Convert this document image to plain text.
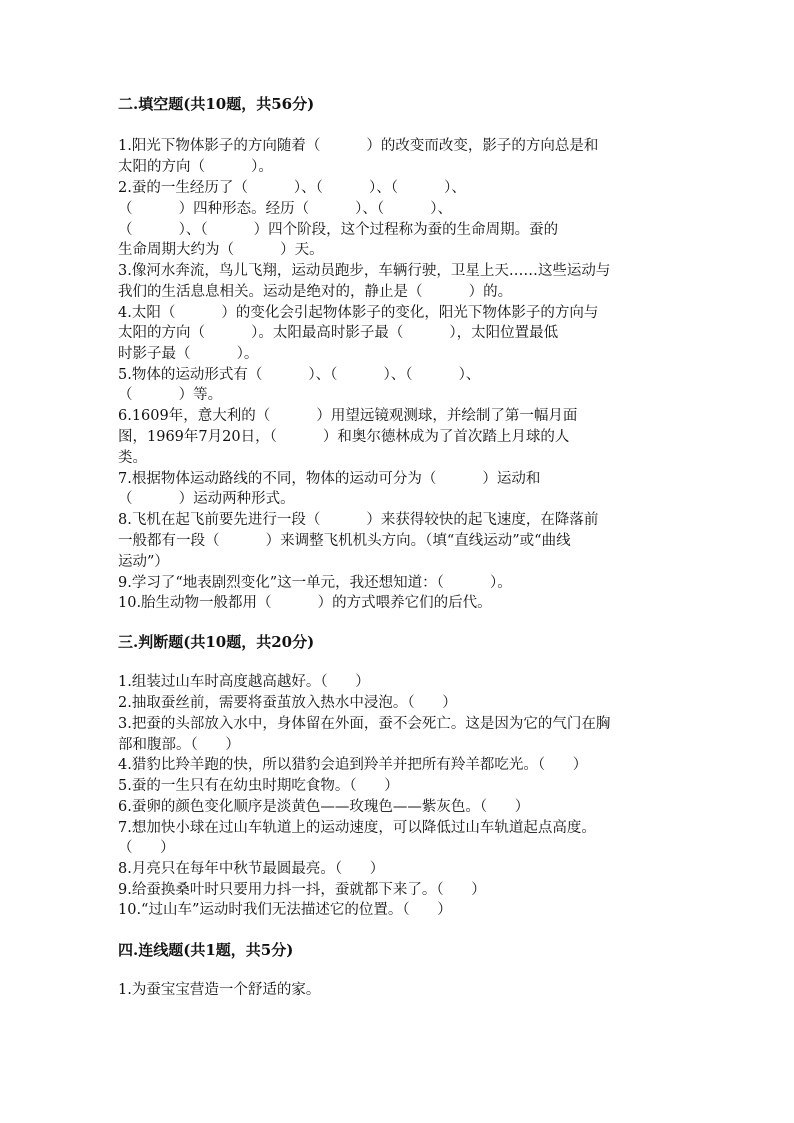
二.填空题(共10题，共56分)
1.阳光下物体影子的方向随着（          ）的改变而改变，影子的方向总是和
太阳的方向（          ）。
2.蚕的一生经历了（          ）、（          ）、（          ）、
（          ）四种形态。经历（          ）、（          ）、
（          ）、（          ）四个阶段，这个过程称为蚕的生命周期。蚕的
生命周期大约为（          ）天。
3.像河水奔流，鸟儿飞翔，运动员跑步，车辆行驶，卫星上天……这些运动与
我们的生活息息相关。运动是绝对的，静止是（          ）的。
4.太阳（          ）的变化会引起物体影子的变化，阳光下物体影子的方向与
太阳的方向（          ）。太阳最高时影子最（          ），太阳位置最低
时影子最（          ）。
5.物体的运动形式有（          ）、（          ）、（          ）、
（          ）等。
6.1609年，意大利的（          ）用望远镜观测球，并绘制了第一幅月面
图，1969年7月20日，（          ）和奥尔德林成为了首次踏上月球的人
类。
7.根据物体运动路线的不同，物体的运动可分为（          ）运动和
（          ）运动两种形式。
8.飞机在起飞前要先进行一段（          ）来获得较快的起飞速度，在降落前
一般都有一段（          ）来调整飞机机头方向。（填“直线运动”或“曲线
运动”）
9.学习了“地表剧烈变化”这一单元，我还想知道：（          ）。
10.胎生动物一般都用（          ）的方式喂养它们的后代。
三.判断题(共10题，共20分)
1.组装过山车时高度越高越好。（      ）
2.抽取蚕丝前，需要将蚕茧放入热水中浸泡。（      ）
3.把蚕的头部放入水中，身体留在外面，蚕不会死亡。这是因为它的气门在胸
部和腹部。（      ）
4.猎豹比羚羊跑的快，所以猎豹会追到羚羊并把所有羚羊都吃光。（      ）
5.蚕的一生只有在幼虫时期吃食物。（      ）
6.蚕卵的颜色变化顺序是淡黄色——玫瑰色——紫灰色。（      ）
7.想加快小球在过山车轨道上的运动速度，可以降低过山车轨道起点高度。
（      ）
8.月亮只在每年中秋节最圆最亮。（      ）
9.给蚕换桑叶时只要用力抖一抖，蚕就都下来了。（      ）
10.“过山车”运动时我们无法描述它的位置。（      ）
四.连线题(共1题，共5分)
1.为蚕宝宝营造一个舒适的家。
